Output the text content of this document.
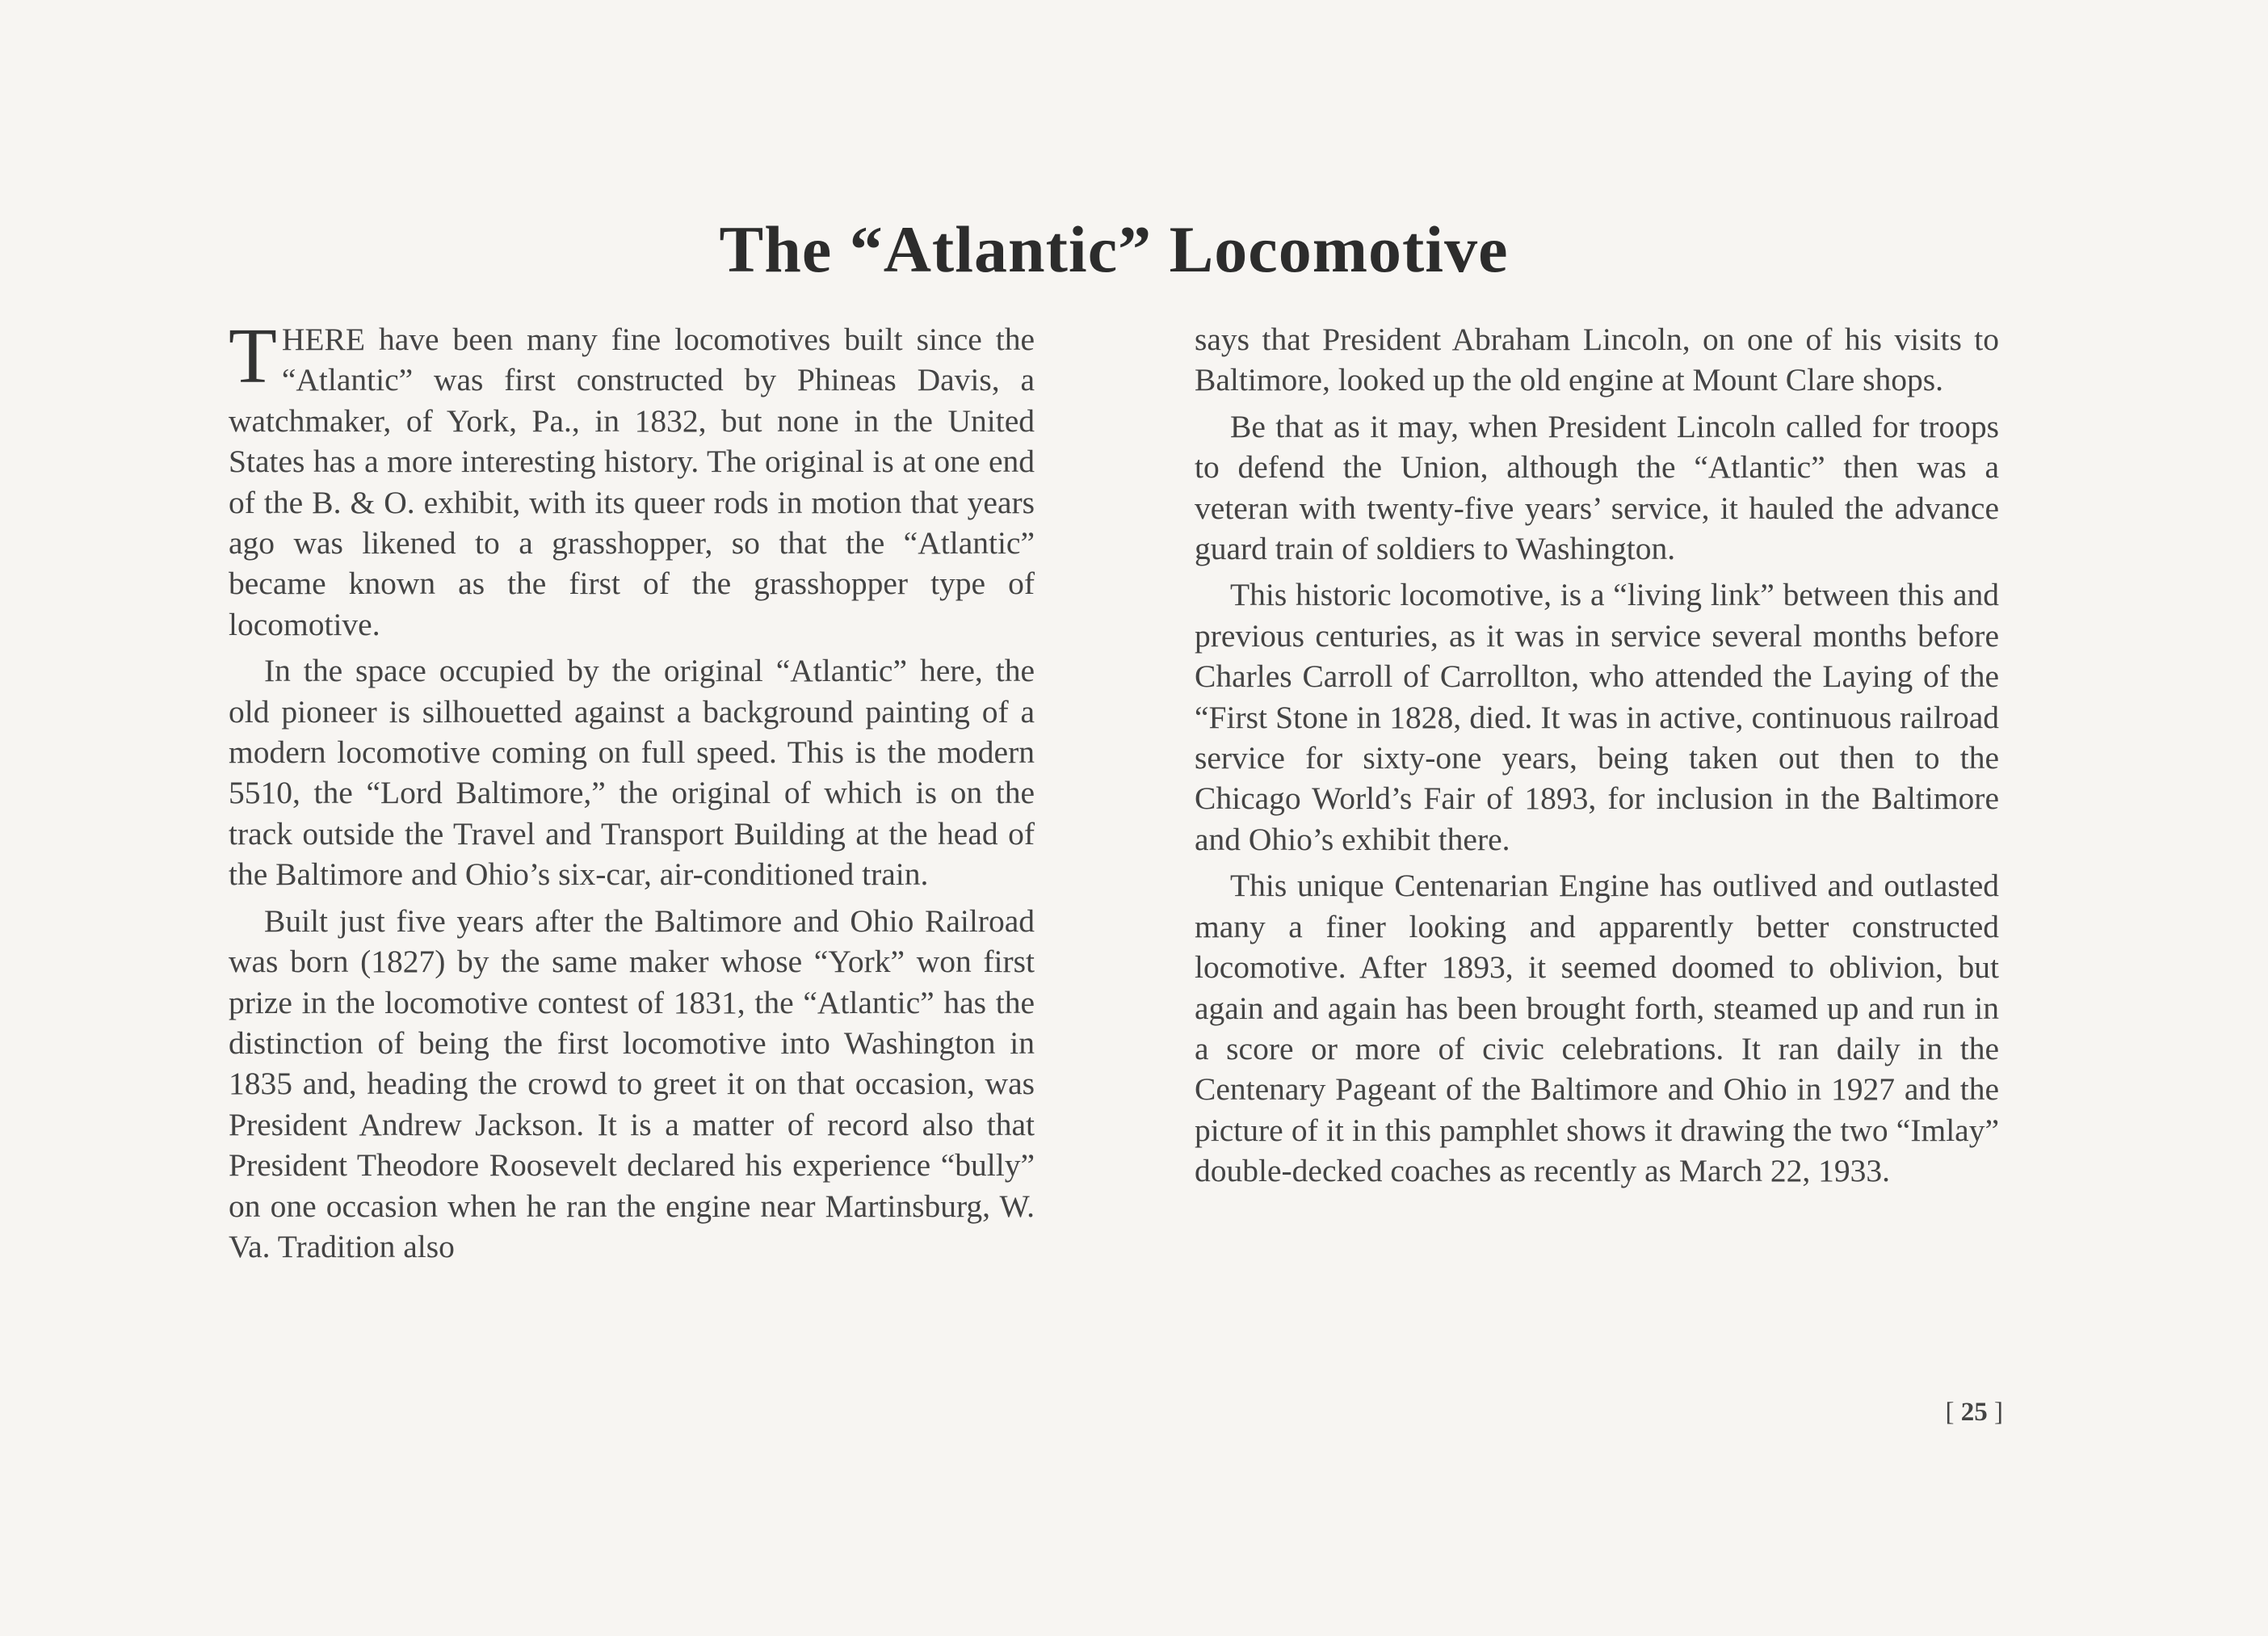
The “Atlantic” Locomotive

THERE have been many fine locomotives built since the “Atlantic” was first constructed by Phineas Davis, a watchmaker, of York, Pa., in 1832, but none in the United States has a more interesting history. The original is at one end of the B. & O. exhibit, with its queer rods in motion that years ago was likened to a grasshopper, so that the “Atlantic” became known as the first of the grasshopper type of locomotive.

In the space occupied by the original “Atlantic” here, the old pioneer is silhouetted against a background painting of a modern locomotive coming on full speed. This is the modern 5510, the “Lord Baltimore,” the original of which is on the track outside the Travel and Transport Building at the head of the Baltimore and Ohio’s six-car, air-conditioned train.

Built just five years after the Baltimore and Ohio Railroad was born (1827) by the same maker whose “York” won first prize in the locomotive contest of 1831, the “Atlantic” has the distinction of being the first locomotive into Washington in 1835 and, heading the crowd to greet it on that occasion, was President Andrew Jackson. It is a matter of record also that President Theodore Roosevelt declared his experience “bully” on one occasion when he ran the engine near Martinsburg, W. Va. Tradition also

says that President Abraham Lincoln, on one of his visits to Baltimore, looked up the old engine at Mount Clare shops.

Be that as it may, when President Lincoln called for troops to defend the Union, although the “Atlantic” then was a veteran with twenty-five years’ service, it hauled the advance guard train of soldiers to Washington.

This historic locomotive, is a “living link” between this and previous centuries, as it was in service several months before Charles Carroll of Carrollton, who attended the Laying of the “First Stone in 1828, died. It was in active, continuous railroad service for sixty-one years, being taken out then to the Chicago World’s Fair of 1893, for inclusion in the Baltimore and Ohio’s exhibit there.

This unique Centenarian Engine has outlived and outlasted many a finer looking and apparently better constructed locomotive. After 1893, it seemed doomed to oblivion, but again and again has been brought forth, steamed up and run in a score or more of civic celebrations. It ran daily in the Centenary Pageant of the Baltimore and Ohio in 1927 and the picture of it in this pamphlet shows it drawing the two “Imlay” double-decked coaches as recently as March 22, 1933.

[ 25 ]
